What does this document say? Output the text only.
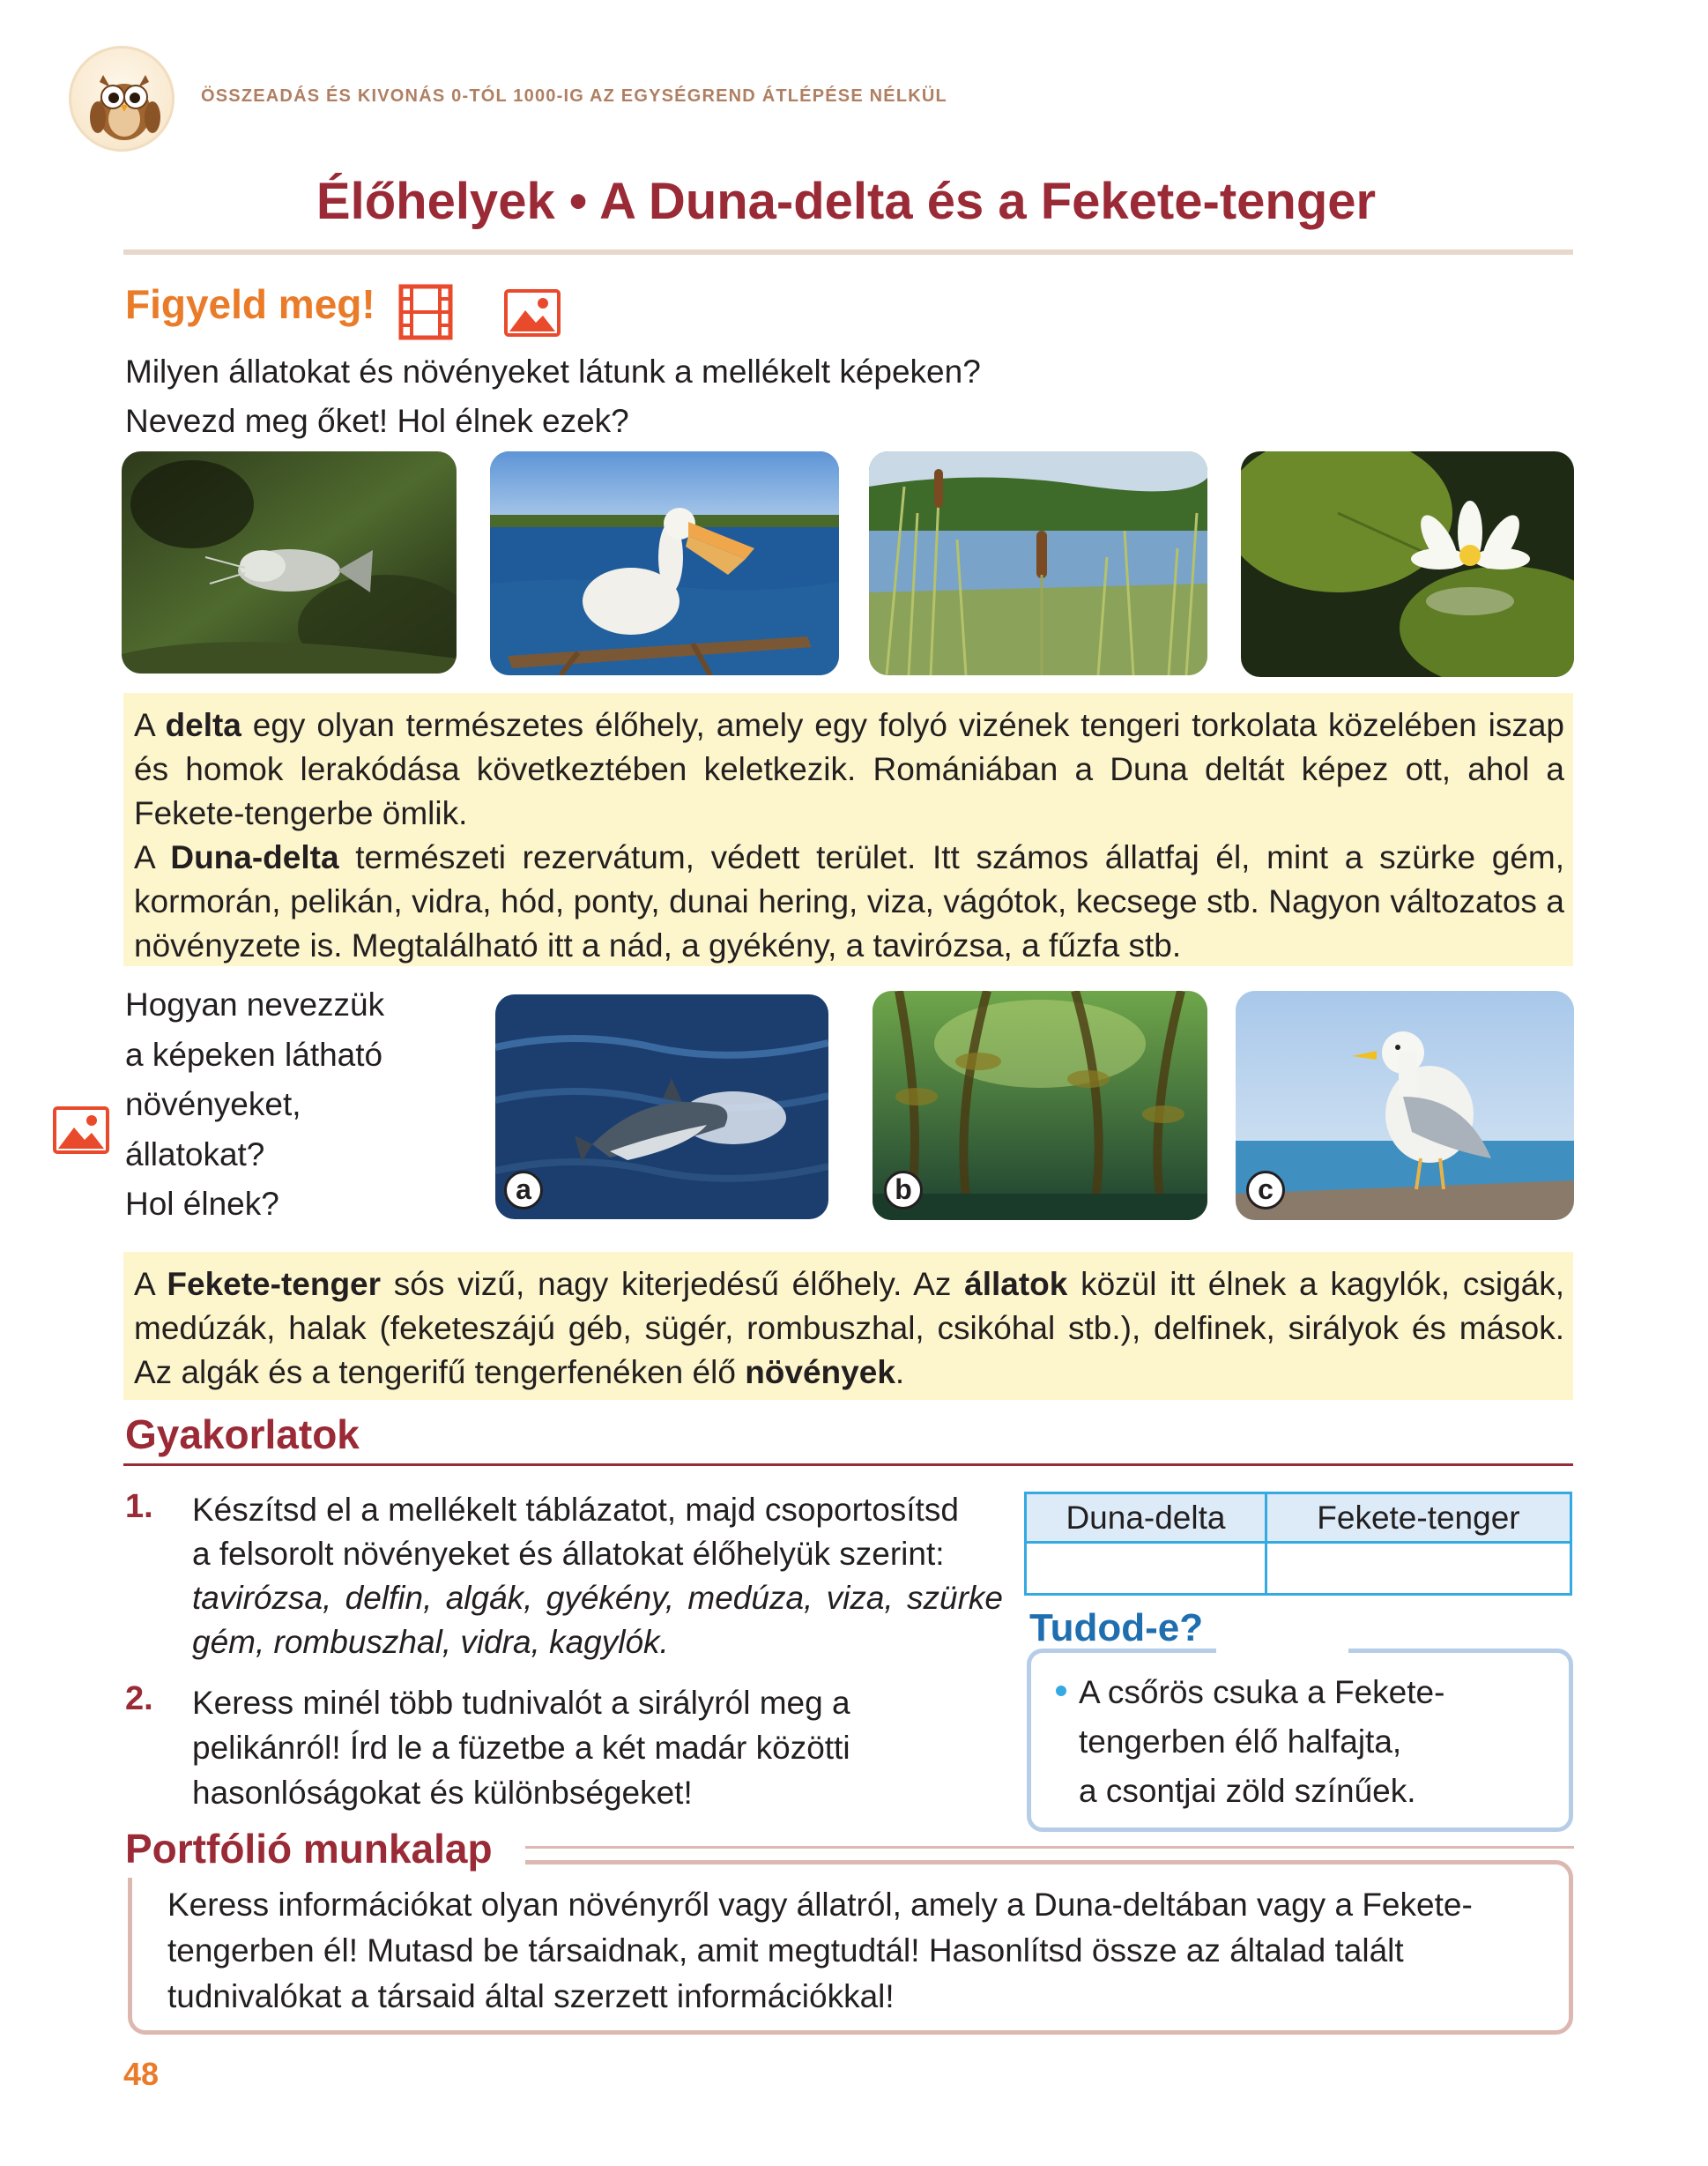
ÖSSZEADÁS ÉS KIVONÁS 0-TÓL 1000-IG AZ EGYSÉGREND ÁTLÉPÉSE NÉLKÜL
Élőhelyek • A Duna-delta és a Fekete-tenger
Figyeld meg!
Milyen állatokat és növényeket látunk a mellékelt képeken?
Nevezd meg őket! Hol élnek ezek?

A delta egy olyan természetes élőhely, amely egy folyó vizének tengeri torkolata közelében iszap és homok lerakódása következtében keletkezik. Romániában a Duna deltát képez ott, ahol a Fekete-tengerbe ömlik.

A Duna-delta természeti rezervátum, védett terület. Itt számos állatfaj él, mint a szürke gém, kormorán, pelikán, vidra, hód, ponty, dunai hering, viza, vágótok, kecsege stb. Nagyon változatos a növényzete is. Megtalálható itt a nád, a gyékény, a tavirózsa, a fűzfa stb.

Hogyan nevezzük
a képeken látható
növényeket,
állatokat?
Hol élnek?	a	b	c

A Fekete-tenger sós vizű, nagy kiterjedésű élőhely. Az állatok közül itt élnek a kagylók, csigák, medúzák, halak (feketeszájú géb, sügér, rombuszhal, csikóhal stb.), delfinek, sirályok és mások. Az algák és a tengerifű tengerfenéken élő növények.

Gyakorlatok
1. Készítsd el a mellékelt táblázatot, majd csoportosítsd
a felsorolt növényeket és állatokat élőhelyük szerint:
tavirózsa, delfin, algák, gyékény, medúza, viza, szürke
gém, rombuszhal, vidra, kagylók.
2. Keress minél több tudnivalót a sirályról meg a
pelikánról! Írd le a füzetbe a két madár közötti
hasonlóságokat és különbségeket!
Duna-delta	Fekete-tenger

Tudod-e?
A csőrös csuka a Fekete-
tengerben élő halfajta,
a csontjai zöld színűek.
Portfólió munkalap
Keress információkat olyan növényről vagy állatról, amely a Duna-deltában vagy a Fekete-
tengerben él! Mutasd be társaidnak, amit megtudtál! Hasonlítsd össze az általad talált
tudnivalókat a társaid által szerzett információkkal!
48
